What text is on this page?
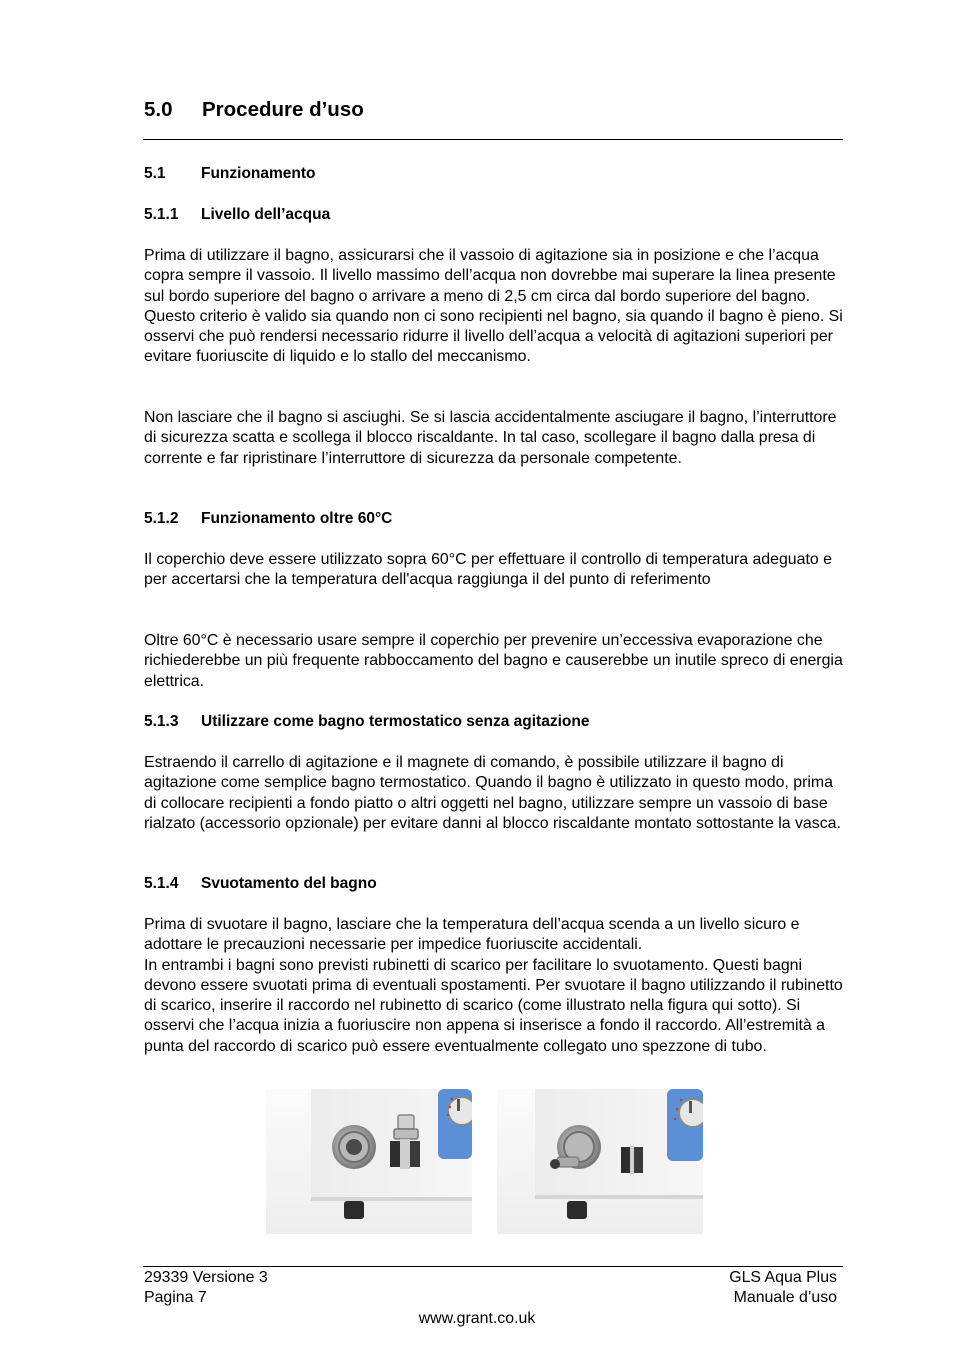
5.0 Procedure d’uso
5.1 Funzionamento
5.1.1 Livello dell’acqua

Prima di utilizzare il bagno, assicurarsi che il vassoio di agitazione sia in posizione e che l’acqua copra sempre il vassoio. Il livello massimo dell’acqua non dovrebbe mai superare la linea presente sul bordo superiore del bagno o arrivare a meno di 2,5 cm circa dal bordo superiore del bagno. Questo criterio è valido sia quando non ci sono recipienti nel bagno, sia quando il bagno è pieno. Si osservi che può rendersi necessario ridurre il livello dell’acqua a velocità di agitazioni superiori per evitare fuoriuscite di liquido e lo stallo del meccanismo.

Non lasciare che il bagno si asciughi. Se si lascia accidentalmente asciugare il bagno, l’interruttore di sicurezza scatta e scollega il blocco riscaldante. In tal caso, scollegare il bagno dalla presa di corrente e far ripristinare l’interruttore di sicurezza da personale competente.

5.1.2 Funzionamento oltre 60°C

Il coperchio deve essere utilizzato sopra 60°C per effettuare il controllo di temperatura adeguato e per accertarsi che la temperatura dell'acqua raggiunga il del punto di referimento

Oltre 60°C è necessario usare sempre il coperchio per prevenire un’eccessiva evaporazione che richiederebbe un più frequente rabboccamento del bagno e causerebbe un inutile spreco di energia elettrica.

5.1.3 Utilizzare come bagno termostatico senza agitazione

Estraendo il carrello di agitazione e il magnete di comando, è possibile utilizzare il bagno di agitazione come semplice bagno termostatico. Quando il bagno è utilizzato in questo modo, prima di collocare recipienti a fondo piatto o altri oggetti nel bagno, utilizzare sempre un vassoio di base rialzato (accessorio opzionale) per evitare danni al blocco riscaldante montato sottostante la vasca.

5.1.4 Svuotamento del bagno

Prima di svuotare il bagno, lasciare che la temperatura dell’acqua scenda a un livello sicuro e adottare le precauzioni necessarie per impedice fuoriuscite accidentali.

In entrambi i bagni sono previsti rubinetti di scarico per facilitare lo svuotamento. Questi bagni devono essere svuotati prima di eventuali spostamenti. Per svuotare il bagno utilizzando il rubinetto di scarico, inserire il raccordo nel rubinetto di scarico (come illustrato nella figura qui sotto). Si osservi che l’acqua inizia a fuoriuscire non appena si inserisce a fondo il raccordo. All’estremità a punta del raccordo di scarico può essere eventualmente collegato uno spezzone di tubo.

29339 Versione 3
Pagina 7
GLS Aqua Plus
Manuale d’uso
www.grant.co.uk
